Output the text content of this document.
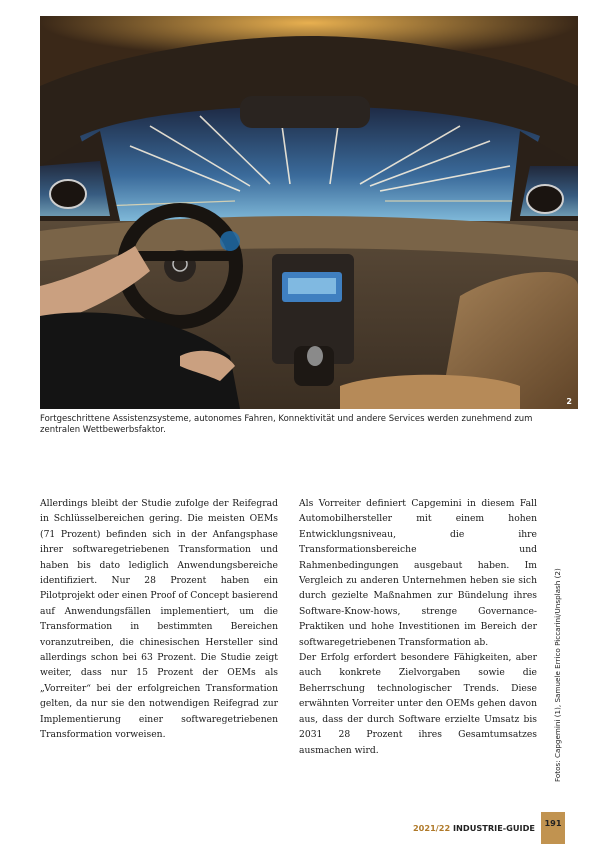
2
Fortgeschrittene Assistenzsysteme, autonomes Fahren, Konnektivität und andere Services werden zunehmend zum zentralen Wettbewerbsfaktor.

Allerdings bleibt der Studie zufolge der Reifegrad in Schlüsselbereichen gering. Die meisten OEMs (71 Prozent) befinden sich in der Anfangsphase ihrer softwaregetriebenen Transformation und haben bis dato lediglich Anwendungsbereiche identifiziert. Nur 28 Prozent haben ein Pilotprojekt oder einen Proof of Concept basierend auf Anwendungsfällen implementiert, um die Transformation in bestimmten Bereichen voranzutreiben, die chinesischen Hersteller sind allerdings schon bei 63 Prozent. Die Studie zeigt weiter, dass nur 15 Prozent der OEMs als „Vorreiter“ bei der erfolgreichen Transformation gelten, da nur sie den notwendigen Reifegrad zur Implementierung einer softwaregetriebenen Transformation vorweisen.

Als Vorreiter definiert Capgemini in diesem Fall Automobilhersteller mit einem hohen Entwicklungsniveau, die ihre Transformationsbereiche und Rahmenbedingungen ausgebaut haben. Im Vergleich zu anderen Unternehmen heben sie sich durch gezielte Maßnahmen zur Bündelung ihres Software-Know-hows, strenge Governance-Praktiken und hohe Investitionen im Bereich der softwaregetriebenen Transformation ab.

Der Erfolg erfordert besondere Fähigkeiten, aber auch konkrete Zielvorgaben sowie die Beherrschung technologischer Trends. Diese erwähnten Vorreiter unter den OEMs gehen davon aus, dass der durch Software erzielte Umsatz bis 2031 28 Prozent ihres Gesamtumsatzes ausmachen wird.	Fotos: Capgemini (1), Samuele Errico Piccarini/Unsplash (2)
2021/22 INDUSTRIE-GUIDE	191
